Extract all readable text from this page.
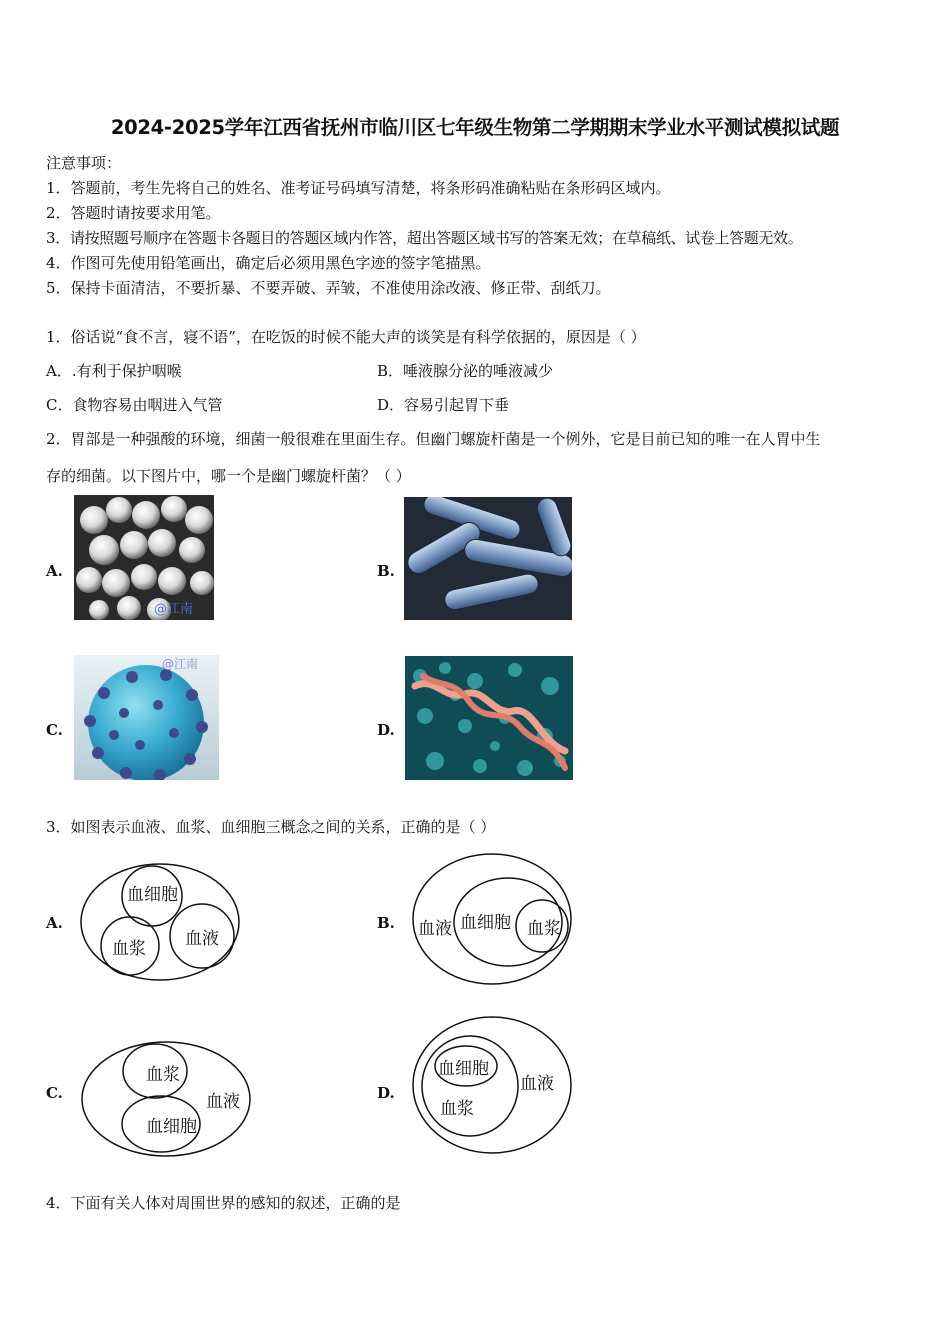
2024-2025学年江西省抚州市临川区七年级生物第二学期期末学业水平测试模拟试题
注意事项：
1．答题前，考生先将自己的姓名、准考证号码填写清楚，将条形码准确粘贴在条形码区域内。
2．答题时请按要求用笔。
3．请按照题号顺序在答题卡各题目的答题区域内作答，超出答题区域书写的答案无效；在草稿纸、试卷上答题无效。
4．作图可先使用铅笔画出，确定后必须用黑色字迹的签字笔描黑。
5．保持卡面清洁，不要折暴、不要弄破、弄皱，不准使用涂改液、修正带、刮纸刀。
1．俗话说“食不言，寝不语”，在吃饭的时候不能大声的谈笑是有科学依据的，原因是（ ）
A．.有利于保护咽喉	B．唾液腺分泌的唾液减少
C．食物容易由咽进入气管	D．容易引起胃下垂
2．胃部是一种强酸的环境，细菌一般很难在里面生存。但幽门螺旋杆菌是一个例外，它是目前已知的唯一在人胃中生
存的细菌。以下图片中，哪一个是幽门螺旋杆菌？（ ）
A.
@江南
B.
C.
@江南
D.
3．如图表示血液、血浆、血细胞三概念之间的关系，正确的是（ ）
A.
血细胞
血浆 血液
B. 血液 血细胞 血浆
C.
血浆
血液
血细胞
D.
血细胞
血液
血浆
4．下面有关人体对周围世界的感知的叙述，正确的是
